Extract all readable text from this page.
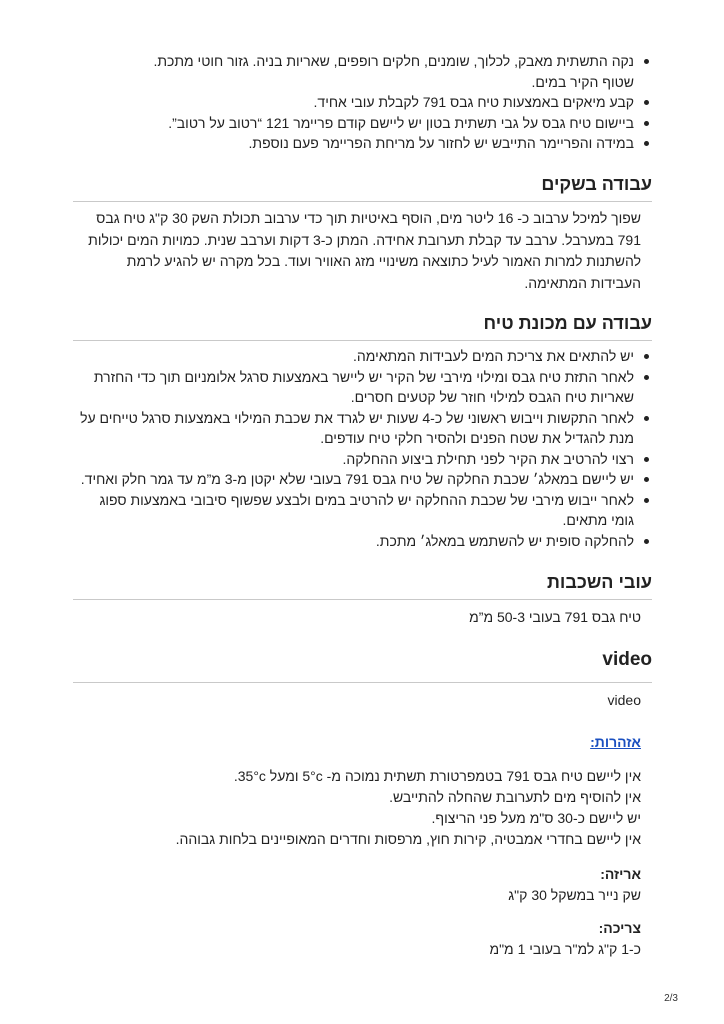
נקה התשתית מאבק, לכלוך, שומנים, חלקים רופפים, שאריות בניה. גזור חוטי מתכת. שטוף הקיר במים.
קבע מיאקים באמצעות טיח גבס 791 לקבלת עובי אחיד.
ביישום טיח גבס על גבי תשתית בטון יש ליישם קודם פריימר 121 “רטוב על רטוב”.
במידה והפריימר התייבש יש לחזור על מריחת הפריימר פעם נוספת.
עבודה בשקים

שפוך למיכל ערבוב כ- 16 ליטר מים, הוסף באיטיות תוך כדי ערבוב תכולת השק 30 ק"ג טיח גבס 791 במערבל. ערבב עד קבלת תערובת אחידה. המתן כ-3 דקות וערבב שנית. כמויות המים יכולות להשתנות למרות האמור לעיל כתוצאה משינויי מזג האוויר ועוד. בכל מקרה יש להגיע לרמת העבידות המתאימה.

עבודה עם מכונת טיח
יש להתאים את צריכת המים לעבידות המתאימה.
לאחר התזת טיח גבס ומילוי מירבי של הקיר יש ליישר באמצעות סרגל אלומניום תוך כדי החזרת שאריות טיח הגבס למילוי חוזר של קטעים חסרים.
לאחר התקשות וייבוש ראשוני של כ-4 שעות יש לגרד את שכבת המילוי באמצעות סרגל טייחים על מנת להגדיל את שטח הפנים ולהסיר חלקי טיח עודפים.
רצוי להרטיב את הקיר לפני תחילת ביצוע ההחלקה.
יש ליישם במאלג׳ שכבת החלקה של טיח גבס 791 בעובי שלא יקטן מ-3 מ”מ עד גמר חלק ואחיד.
לאחר ייבוש מירבי של שכבת ההחלקה יש להרטיב במים ולבצע שפשוף סיבובי באמצעות ספוג גומי מתאים.
להחלקה סופית יש להשתמש במאלג׳ מתכת.
עובי השכבות

טיח גבס 791 בעובי 50-3 מ”מ

video

video

אזהרות:

אין ליישם טיח גבס 791 בטמפרטורת תשתית נמוכה מ- 5°c ומעל 35°c.

אין להוסיף מים לתערובת שהחלה להתייבש.

יש ליישם כ-30 ס"מ מעל פני הריצוף.

אין ליישם בחדרי אמבטיה, קירות חוץ, מרפסות וחדרים המאופיינים בלחות גבוהה.

אריזה:

שק נייר במשקל 30 ק"ג

צריכה:

כ-1 ק"ג למ"ר בעובי 1 מ"מ

2/3
